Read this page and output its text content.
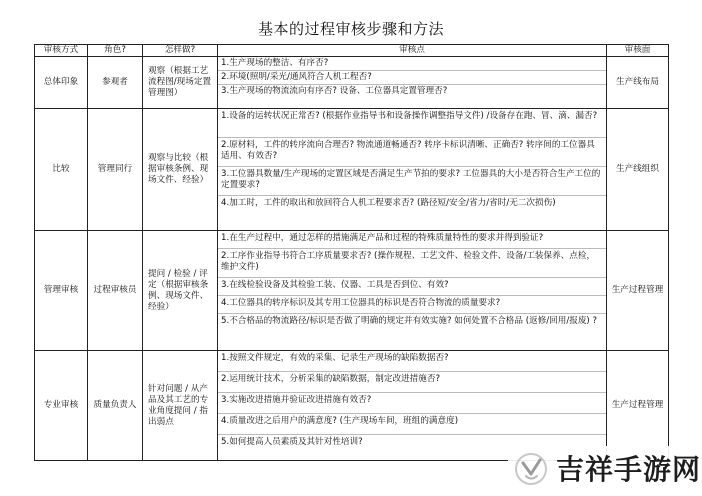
基本的过程审核步骤和方法
审核方式	角色?	怎样做?	审核点	审核面
总体印象	参观者	观察（根据工艺流程图/现场定置管理图）	1.生产现场的整洁、有序否?
2.环境(照明/采光/通风符合人机工程否?
3.生产现场的物流流向有序否? 设备、工位器具定置管理否?	生产线布局
比较	管理同行	观察与比较（根据审核条例、现场文件、经验）	1.设备的运转状况正常否? (根据作业指导书和设备操作调整指导文件) /设备存在跑、冒、滴、漏否?
2.原材料，工件的转序流向合理否? 物流通道畅通否? 转序卡标识清晰、正确否? 转序间的工位器具适用、有效否?
3.工位器具数量/生产现场的定置区域是否满足生产节拍的要求? 工位器具的大小是否符合生产工位的定置要求?
4.加工时，工件的取出和放回符合人机工程要求否? (路径短/安全/省力/省时/无二次损伤)	生产线组织
管理审核	过程审核员	提问 / 检验 / 评定（根据审核条例、现场文件、经验）	1.在生产过程中，通过怎样的措施满足产品和过程的特殊质量特性的要求并得到验证?
2.工序作业指导书符合工序质量要求否? (操作规程、工艺文件、检验文件、设备/工装保养、点检，维护文件)
3.在线检验设备及其检验工装、仪器、工具是否到位、有效?
4.工位器具的转序标识及其专用工位器具的标识是否符合物流的质量要求?
5.不合格品的物流路径/标识是否做了明确的规定并有效实施? 如何处置不合格品 (返修/回用/报废) ?	生产过程管理
专业审核	质量负责人	针对问题 / 从产品及其工艺的专业角度提问 / 指出弱点	1.按照文件规定，有效的采集、记录生产现场的缺陷数据否?
2.运用统计技术，分析采集的缺陷数据，制定改进措施否?
3.实施改进措施并验证改进措施有效否?
4.质量改进之后用户的满意度? (生产现场车间，班组的满意度)
5.如何提高人员素质及其针对性培训?	生产过程管理
吉祥手游网
